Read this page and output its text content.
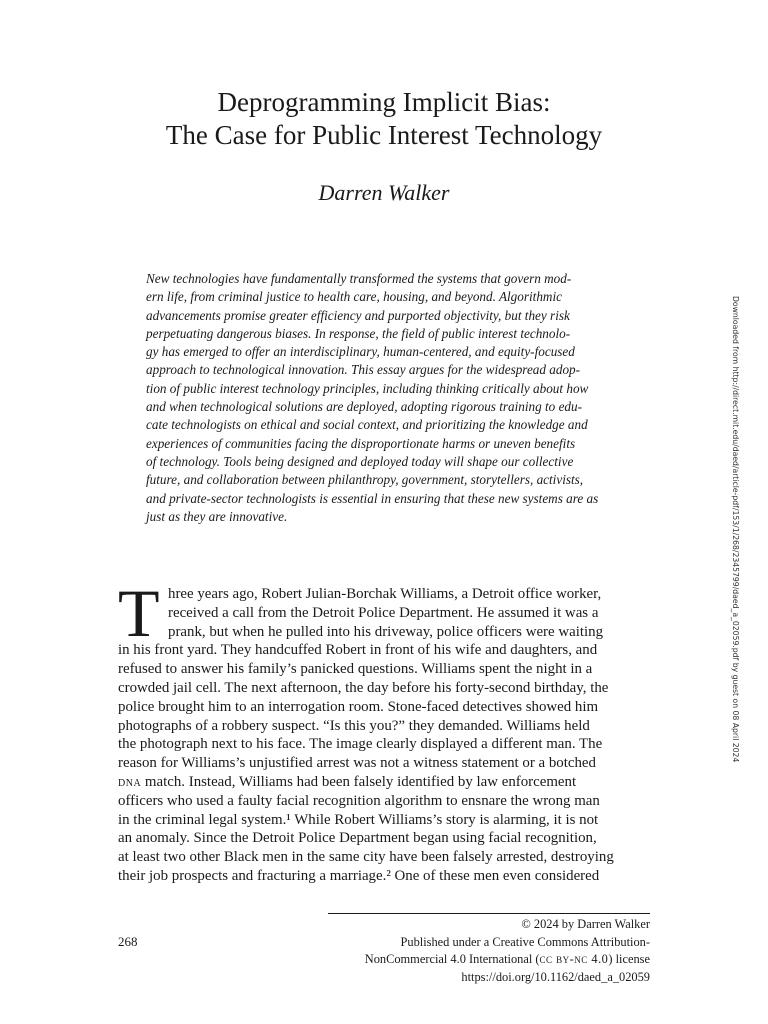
Deprogramming Implicit Bias:
The Case for Public Interest Technology
Darren Walker
New technologies have fundamentally transformed the systems that govern mod-
ern life, from criminal justice to health care, housing, and beyond. Algorithmic
advancements promise greater efficiency and purported objectivity, but they risk
perpetuating dangerous biases. In response, the field of public interest technolo-
gy has emerged to offer an interdisciplinary, human-centered, and equity-focused
approach to technological innovation. This essay argues for the widespread adop-
tion of public interest technology principles, including thinking critically about how
and when technological solutions are deployed, adopting rigorous training to edu-
cate technologists on ethical and social context, and prioritizing the knowledge and
experiences of communities facing the disproportionate harms or uneven benefits
of technology. Tools being designed and deployed today will shape our collective
future, and collaboration between philanthropy, government, storytellers, activists,
and private-sector technologists is essential in ensuring that these new systems are as
just as they are innovative.
T hree years ago, Robert Julian-Borchak Williams, a Detroit office worker,
received a call from the Detroit Police Department. He assumed it was a
prank, but when he pulled into his driveway, police officers were waiting
in his front yard. They handcuffed Robert in front of his wife and daughters, and
refused to answer his family’s panicked questions. Williams spent the night in a
crowded jail cell. The next afternoon, the day before his forty-second birthday, the
police brought him to an interrogation room. Stone-faced detectives showed him
photographs of a robbery suspect. “Is this you?” they demanded. Williams held
the photograph next to his face. The image clearly displayed a different man. The
reason for Williams’s unjustified arrest was not a witness statement or a botched
dna
match. Instead, Williams had been falsely identified by law enforcement
officers who used a faulty facial recognition algorithm to ensnare the wrong man
in the criminal legal system.¹ While Robert Williams’s story is alarming, it is not
an anomaly. Since the Detroit Police Department began using facial recognition,
at least two other Black men in the same city have been falsely arrested, destroying
their job prospects and fracturing a marriage.² One of these men even considered
268
© 2024 by Darren Walker
Published under a Creative Commons Attribution-
NonCommercial 4.0 International (cc by-nc 4.0) license
https://doi.org/10.1162/daed_a_02059
Downloaded from http://direct.mit.edu/daed/article-pdf/153/1/268/2345799/daed_a_02059.pdf by guest on 08 April 2024
